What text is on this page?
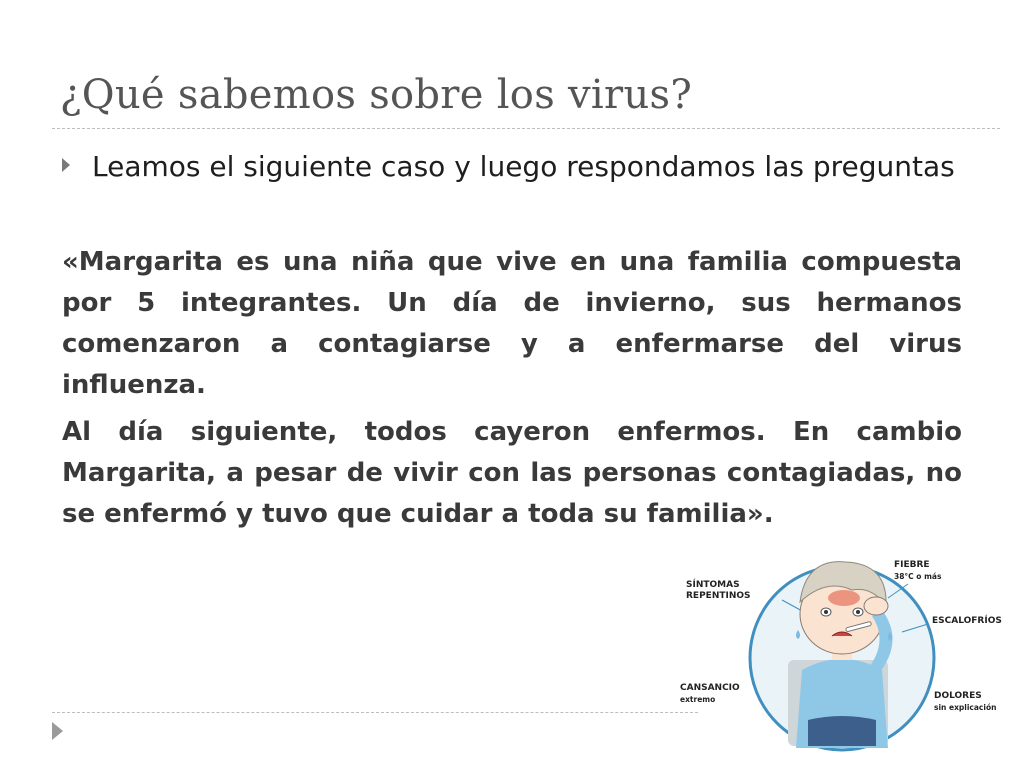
¿Qué sabemos sobre los virus?
Leamos el siguiente caso y luego respondamos las preguntas
«Margarita es una niña que vive en una familia compuesta por 5 integrantes. Un día de invierno, sus hermanos comenzaron a contagiarse y a enfermarse del virus influenza.
Al día siguiente, todos cayeron enfermos. En cambio Margarita, a pesar de vivir con las personas contagiadas, no se enfermó y tuvo que cuidar a toda su familia».
SÍNTOMAS
REPENTINOS
FIEBRE
38°C o más
ESCALOFRÍOS
CANSANCIO
extremo	DOLORES
sin explicación
